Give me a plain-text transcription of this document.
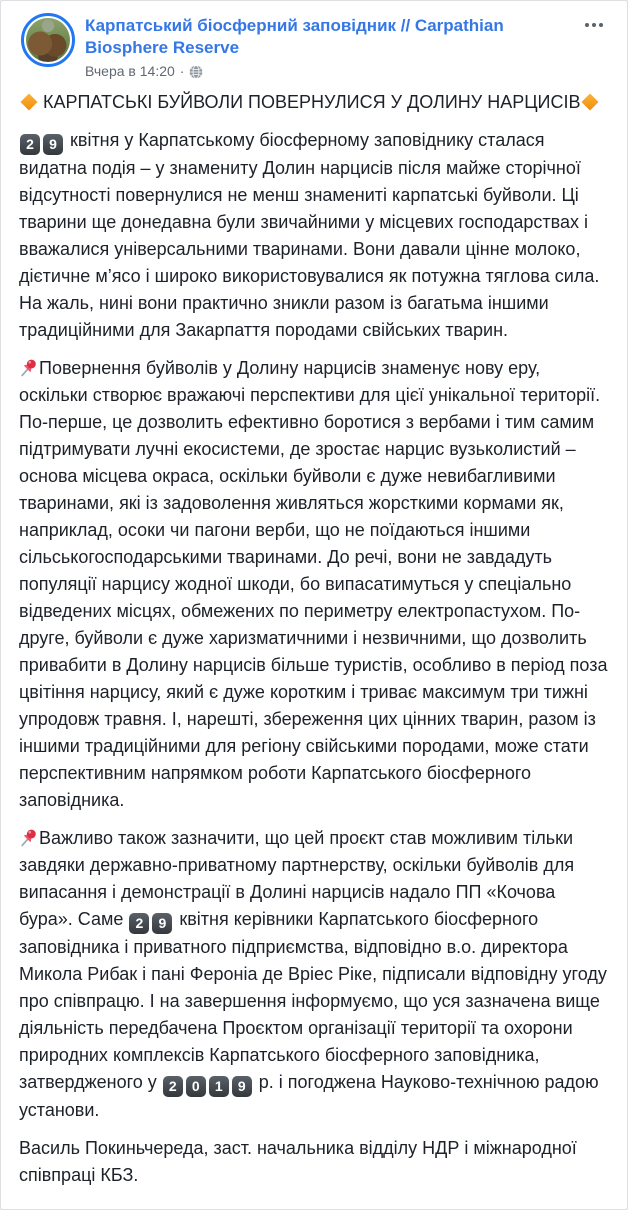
Карпатський біосферний заповідник // Carpathian Biosphere Reserve
Вчера в 14:20 ·
КАРПАТСЬКІ БУЙВОЛИ ПОВЕРНУЛИСЯ У ДОЛИНУ НАРЦИСІВ
2 9 квітня у Карпатському біосферному заповіднику сталася видатна подія – у знамениту Долин нарцисів після майже сторічної відсутності повернулися не менш знамениті карпатські буйволи. Ці тварини ще донедавна були звичайними у місцевих господарствах і вважалися універсальними тваринами. Вони давали цінне молоко, дієтичне м’ясо і широко використовувалися як потужна тяглова сила. На жаль, нині вони практично зникли разом із багатьма іншими традиційними для Закарпаття породами свійських тварин.
Повернення буйволів у Долину нарцисів знаменує нову еру, оскільки створює вражаючі перспективи для цієї унікальної території. По-перше, це дозволить ефективно боротися з вербами і тим самим підтримувати лучні екосистеми, де зростає нарцис вузьколистий – основа місцева окраса, оскільки буйволи є дуже невибагливими тваринами, які із задоволення живляться жорсткими кормами як, наприклад, осоки чи пагони верби, що не поїдаються іншими сільськогосподарськими тваринами. До речі, вони не завдадуть популяції нарцису жодної шкоди, бо випасатимуться у спеціально відведених місцях, обмежених по периметру електропастухом. По-друге, буйволи є дуже харизматичними і незвичними, що дозволить привабити в Долину нарцисів більше туристів, особливо в період поза цвітіння нарцису, який є дуже коротким і триває максимум три тижні упродовж травня. І, нарешті, збереження цих цінних тварин, разом із іншими традиційними для регіону свійськими породами, може стати перспективним напрямком роботи Карпатського біосферного заповідника.
Важливо також зазначити, що цей проєкт став можливим тільки завдяки державно-приватному партнерству, оскільки буйволів для випасання і демонстрації в Долині нарцисів надало ПП «Кочова бура». Саме 2 9 квітня керівники Карпатського біосферного заповідника і приватного підприємства, відповідно в.о. директора Микола Рибак і пані Фероніа де Вріес Ріке, підписали відповідну угоду про співпрацю. І на завершення інформуємо, що уся зазначена вище діяльність передбачена Проєктом організації території та охорони природних комплексів Карпатського біосферного заповідника, затвердженого у 2 0 1 9 р. і погоджена Науково-технічною радою установи.
Василь Покиньчереда, заст. начальника відділу НДР і міжнародної співпраці КБЗ.
